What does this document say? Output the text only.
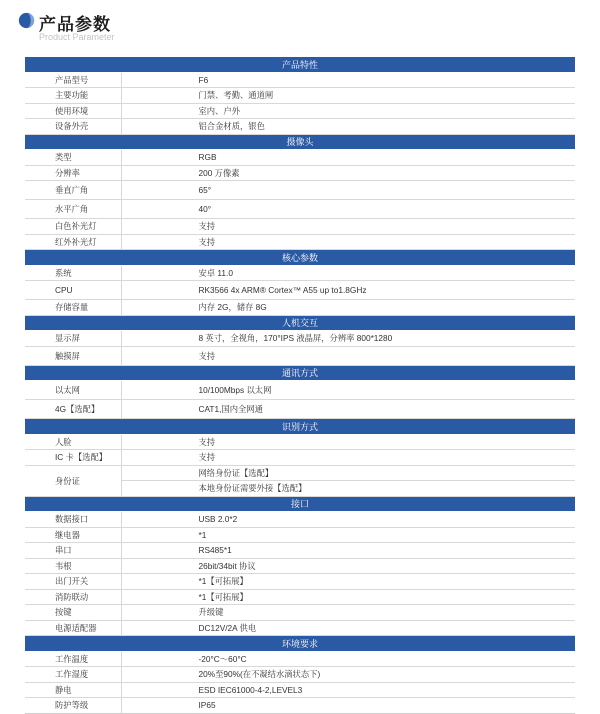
产品参数
Product Parameter
产品特性	
产品型号	F6
主要功能	门禁、考勤、通道闸
使用环境	室内、户外
设备外壳	铝合金材质，银色
摄像头	
类型	RGB
分辨率	200 万像素
垂直广角	65°
水平广角	40°
白色补光灯	支持
红外补光灯	支持
核心参数	
系统	安卓 11.0
CPU	RK3566 4x ARM® Cortex™ A55 up to1.8GHz
存储容量	内存 2G，储存 8G
人机交互	
显示屏	8 英寸，全视角，170°IPS 液晶屏，分辨率 800*1280
触摸屏	支持
通讯方式	
以太网	10/100Mbps 以太网
4G【选配】	CAT1,国内全网通
识别方式	
人脸	支持
IC 卡【选配】	支持
身份证	网络身份证【选配】
	本地身份证需要外接【选配】
接口	
数据接口	USB 2.0*2
继电器	*1
串口	RS485*1
韦根	26bit/34bit 协议
出门开关	*1【可拓展】
消防联动	*1【可拓展】
按键	升级键
电源适配器	DC12V/2A 供电
环境要求	
工作温度	-20°C～60°C
工作湿度	20%至90%(在不凝结水滴状态下)
静电	ESD IEC61000-4-2,LEVEL3
防护等级	IP65
